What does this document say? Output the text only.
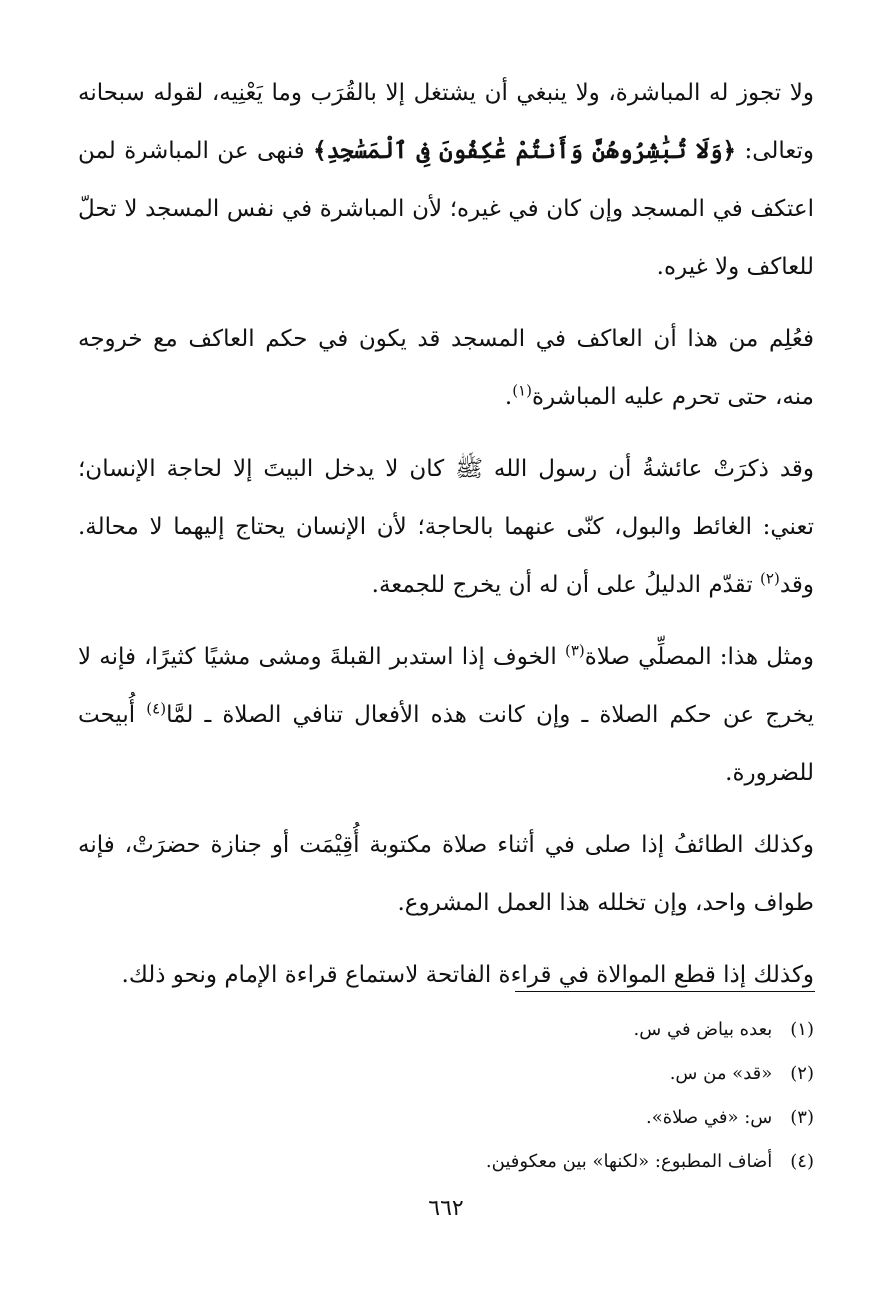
ولا تجوز له المباشرة، ولا ينبغي أن يشتغل إلا بالقُرَب وما يَعْنِيه، لقوله سبحانه وتعالى: ﴿وَلَا تُبَٰشِرُوهُنَّ وَأَنتُمْ عَٰكِفُونَ فِى ٱلْمَسَٰجِدِ﴾ فنهى عن المباشرة لمن اعتكف في المسجد وإن كان في غيره؛ لأن المباشرة في نفس المسجد لا تحلّ للعاكف ولا غيره.

فعُلِم من هذا أن العاكف في المسجد قد يكون في حكم العاكف مع خروجه منه، حتى تحرم عليه المباشرة$^{(١)}$.

وقد ذكرَتْ عائشةُ أن رسول الله ﷺ كان لا يدخل البيتَ إلا لحاجة الإنسان؛ تعني: الغائط والبول، كنّى عنهما بالحاجة؛ لأن الإنسان يحتاج إليهما لا محالة. وقد$^{(٢)}$ تقدّم الدليلُ على أن له أن يخرج للجمعة.

ومثل هذا: المصلِّي صلاة$^{(٣)}$ الخوف إذا استدبر القبلةَ ومشى مشيًا كثيرًا، فإنه لا يخرج عن حكم الصلاة ـ وإن كانت هذه الأفعال تنافي الصلاة ـ لمَّا$^{(٤)}$ أُبيحت للضرورة.

وكذلك الطائفُ إذا صلى في أثناء صلاة مكتوبة أُقِيْمَت أو جنازة حضرَتْ، فإنه طواف واحد، وإن تخلله هذا العمل المشروع.

وكذلك إذا قطع الموالاة في قراءة الفاتحة لاستماع قراءة الإمام ونحو ذلك.

(١) بعده بياض في س.
(٢) «قد» من س.
(٣) س: «في صلاة».
(٤) أضاف المطبوع: «لكنها» بين معكوفين.
٦٦٢
